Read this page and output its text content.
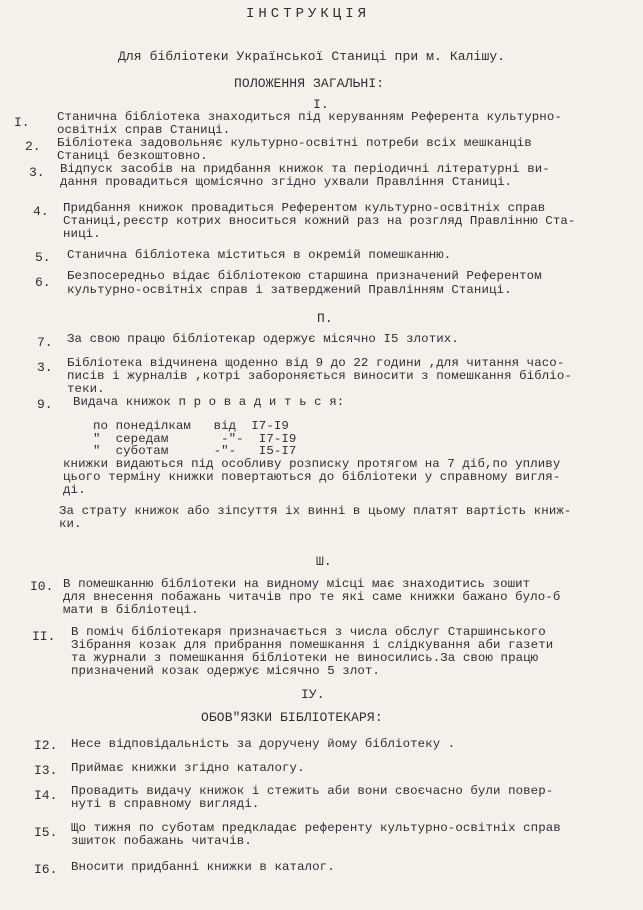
ІНСТРУКЦІЯ
Для бібліотеки Української Станиці при м. Калішу.
ПОЛОЖЕННЯ ЗАГАЛЬНІ:
І.
I. Станична бібліотека знаходиться під керуванням Референта культурно-
освітніх справ Станиці.
2. Бібліотека задовольняє культурно-освітні потреби всіх мешканців
Станиці безкоштовно.
3. Відпуск засобів на придбання книжок та періодичні літературні ви-
дання провадиться щомісячно згідно ухвали Правління Станиці.
4. Придбання книжок провадиться Референтом культурно-освітніх справ
Станиці,реєстр котрих вноситься кожний раз на розгляд Правлінню Ста-
ниці.
5. Станична бібліотека міститься в окремій помешканню.
6. Безпосередньо відає бібліотекою старшина призначений Референтом
культурно-освітніх справ і затверджений Правлінням Станиці.
П.
7. За свою працю бібліотекар одержує місячно І5 злотих.
3. Бібліотека відчинена щоденно від 9 до 22 години ,для читання часо-
писів і журналів ,котрі забороняється виносити з помешкання бібліо-
теки.
9. Видача книжок п р о в а д и т ь с я:
по понеділкам   від  І7-І9
"  середам       -"-  І7-І9
"  суботам      -"-   І5-І7
книжки видаються під особливу розписку протягом на 7 діб,по упливу
цього терміну книжки повертаються до бібліотеки у справному вигля-
ді.
За страту книжок або зіпсуття іх винні в цьому платят вартість книж-
ки.
Ш.
І0. В помешканню бібліотеки на видному місці має знаходитись зошит
для внесення побажань читачів про те які саме книжки бажано було-б
мати в бібліотеці.
II. В поміч бібліотекаря призначається з числа обслуг Старшинського
Зібрання козак для прибрання помешкання і слідкування аби газети
та журнали з помешкання бібліотеки не виносились.За свою працю
призначений козак одержує місячно 5 злот.
ІУ.
ОБОВ"ЯЗКИ БІБЛІОТЕКАРЯ:
І2. Несе відповідальність за доручену йому бібліотеку .
І3. Приймає книжки згідно каталогу.
І4. Провадить видачу книжок і стежить аби вони своєчасно були повер-
нуті в справному вигляді.
І5. Що тижня по суботам предкладає референту культурно-освітніх справ
зшиток побажань читачів.
І6. Вносити придбанні книжки в каталог.
